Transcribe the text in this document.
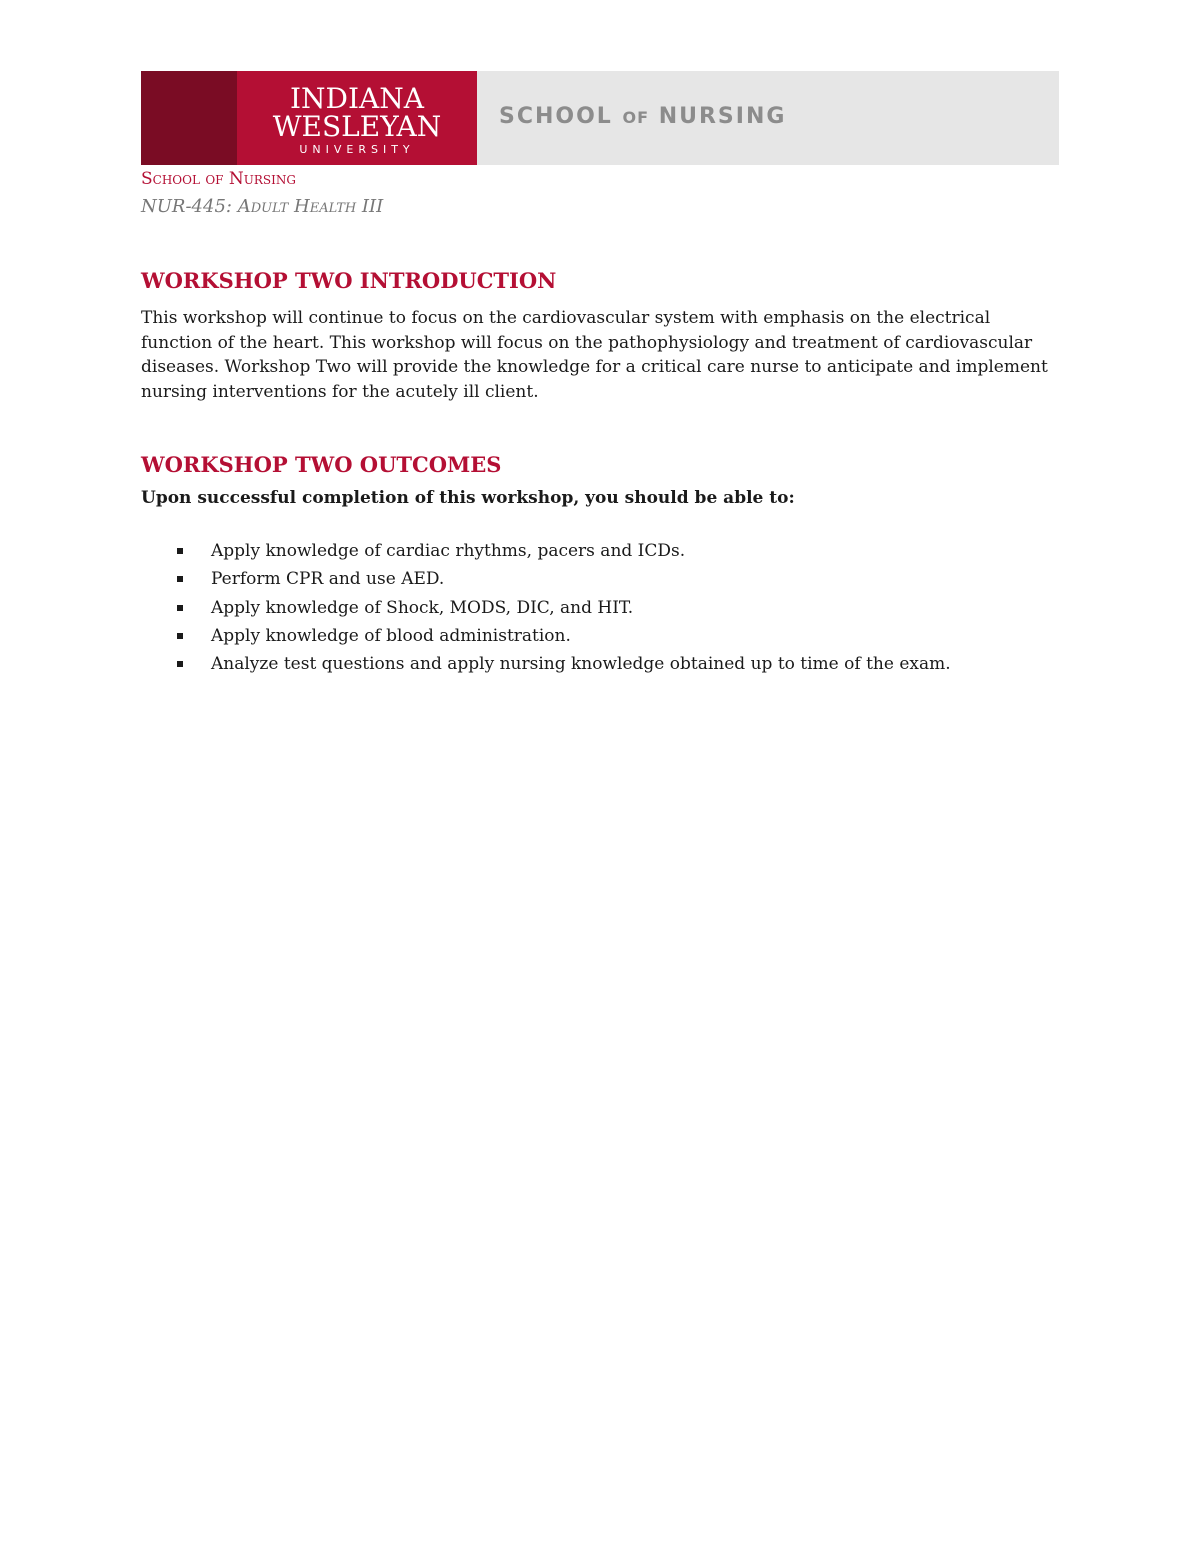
INDIANA
WESLEYAN
UNIVERSITY
SCHOOL OF NURSING
School of Nursing
NUR-445: Adult Health III
WORKSHOP TWO INTRODUCTION

This workshop will continue to focus on the cardiovascular system with emphasis on the electrical function of the heart. This workshop will focus on the pathophysiology and treatment of cardiovascular diseases. Workshop Two will provide the knowledge for a critical care nurse to anticipate and implement nursing interventions for the acutely ill client.

WORKSHOP TWO OUTCOMES

Upon successful completion of this workshop, you should be able to:

Apply knowledge of cardiac rhythms, pacers and ICDs.
Perform CPR and use AED.
Apply knowledge of Shock, MODS, DIC, and HIT.
Apply knowledge of blood administration.
Analyze test questions and apply nursing knowledge obtained up to time of the exam.
